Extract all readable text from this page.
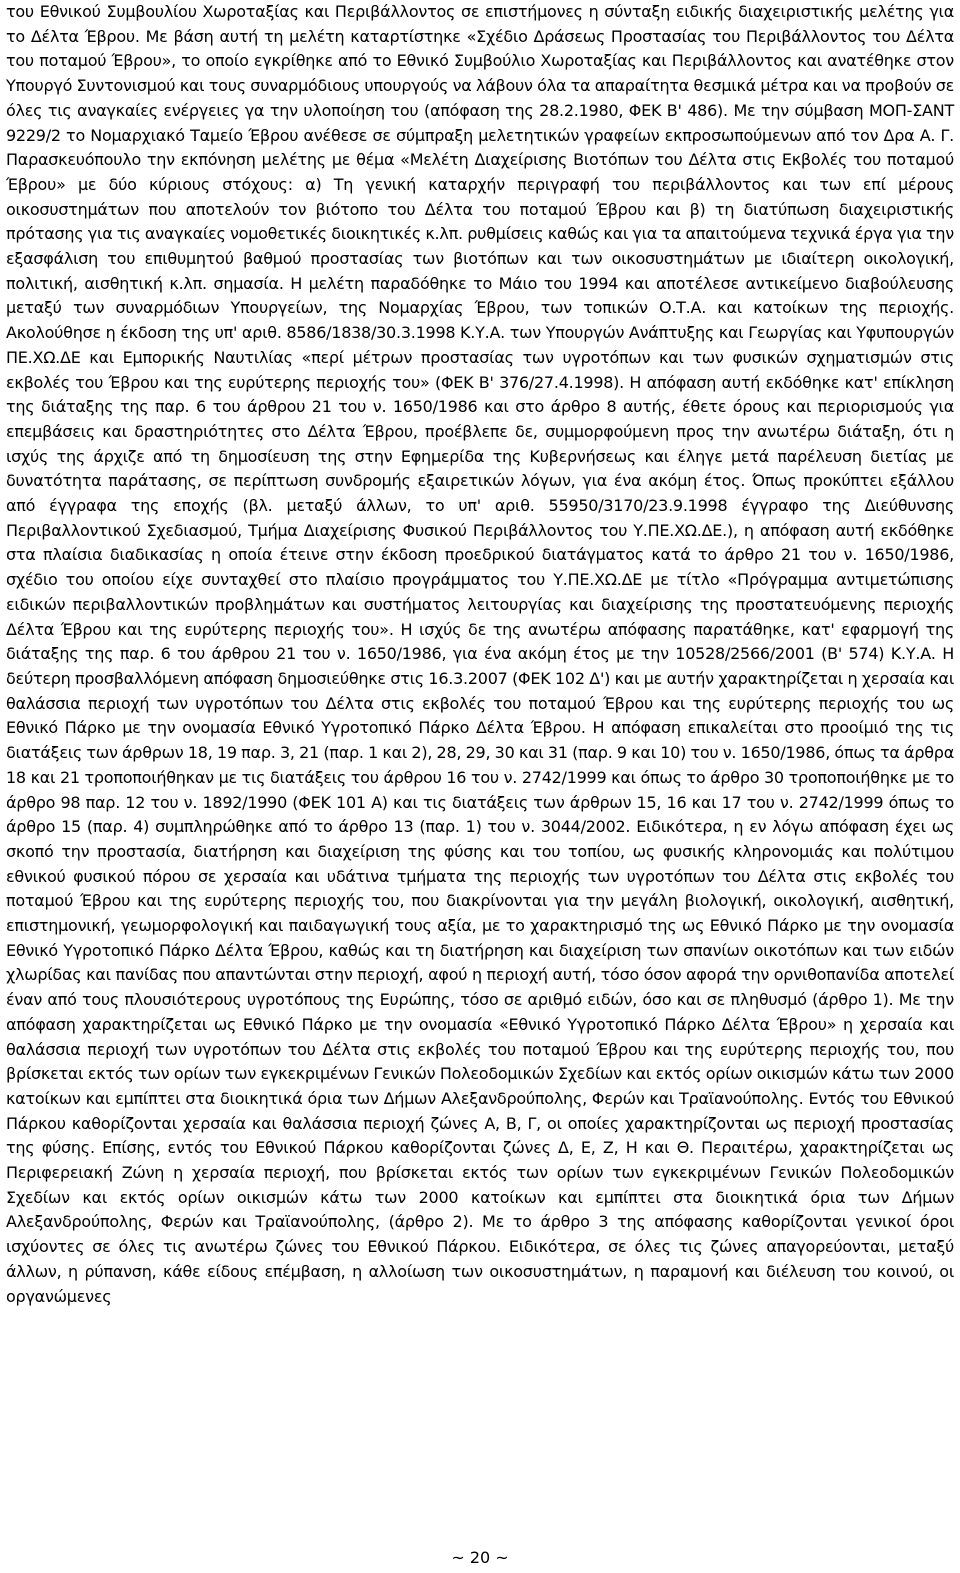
του Εθνικού Συμβουλίου Χωροταξίας και Περιβάλλοντος σε επιστήμονες η σύνταξη ειδικής διαχειριστικής μελέτης για το Δέλτα Έβρου. Με βάση αυτή τη μελέτη καταρτίστηκε «Σχέδιο Δράσεως Προστασίας του Περιβάλλοντος του Δέλτα του ποταμού Έβρου», το οποίο εγκρίθηκε από το Εθνικό Συμβούλιο Χωροταξίας και Περιβάλλοντος και ανατέθηκε στον Υπουργό Συντονισμού και τους συναρμόδιους υπουργούς να λάβουν όλα τα απαραίτητα θεσμικά μέτρα και να προβούν σε όλες τις αναγκαίες ενέργειες γα την υλοποίηση του (απόφαση της 28.2.1980, ΦΕΚ Β' 486). Με την σύμβαση ΜΟΠ-ΣΑΝΤ 9229/2 το Νομαρχιακό Ταμείο Έβρου ανέθεσε σε σύμπραξη μελετητικών γραφείων εκπροσωπούμενων από τον Δρα Α. Γ. Παρασκευόπουλο την εκπόνηση μελέτης με θέμα «Μελέτη Διαχείρισης Βιοτόπων του Δέλτα στις Εκβολές του ποταμού Έβρου» με δύο κύριους στόχους: α) Τη γενική καταρχήν περιγραφή του περιβάλλοντος και των επί μέρους οικοσυστημάτων που αποτελούν τον βιότοπο του Δέλτα του ποταμού Έβρου και β) τη διατύπωση διαχειριστικής πρότασης για τις αναγκαίες νομοθετικές διοικητικές κ.λπ. ρυθμίσεις καθώς και για τα απαιτούμενα τεχνικά έργα για την εξασφάλιση του επιθυμητού βαθμού προστασίας των βιοτόπων και των οικοσυστημάτων με ιδιαίτερη οικολογική, πολιτική, αισθητική κ.λπ. σημασία. Η μελέτη παραδόθηκε το Μάιο του 1994 και αποτέλεσε αντικείμενο διαβούλευσης μεταξύ των συναρμόδιων Υπουργείων, της Νομαρχίας Έβρου, των τοπικών Ο.Τ.Α. και κατοίκων της περιοχής. Ακολούθησε η έκδοση της υπ' αριθ. 8586/1838/30.3.1998 Κ.Υ.Α. των Υπουργών Ανάπτυξης και Γεωργίας και Υφυπουργών ΠΕ.ΧΩ.ΔΕ και Εμπορικής Ναυτιλίας «περί μέτρων προστασίας των υγροτόπων και των φυσικών σχηματισμών στις εκβολές του Έβρου και της ευρύτερης περιοχής του» (ΦΕΚ Β' 376/27.4.1998). Η απόφαση αυτή εκδόθηκε κατ' επίκληση της διάταξης της παρ. 6 του άρθρου 21 του ν. 1650/1986 και στο άρθρο 8 αυτής, έθετε όρους και περιορισμούς για επεμβάσεις και δραστηριότητες στο Δέλτα Έβρου, προέβλεπε δε, συμμορφούμενη προς την ανωτέρω διάταξη, ότι η ισχύς της άρχιζε από τη δημοσίευση της στην Εφημερίδα της Κυβερνήσεως και έληγε μετά παρέλευση διετίας με δυνατότητα παράτασης, σε περίπτωση συνδρομής εξαιρετικών λόγων, για ένα ακόμη έτος. Όπως προκύπτει εξάλλου από έγγραφα της εποχής (βλ. μεταξύ άλλων, το υπ' αριθ. 55950/3170/23.9.1998 έγγραφο της Διεύθυνσης Περιβαλλοντικού Σχεδιασμού, Τμήμα Διαχείρισης Φυσικού Περιβάλλοντος του Υ.ΠΕ.ΧΩ.ΔΕ.), η απόφαση αυτή εκδόθηκε στα πλαίσια διαδικασίας η οποία έτεινε στην έκδοση προεδρικού διατάγματος κατά το άρθρο 21 του ν. 1650/1986, σχέδιο του οποίου είχε συνταχθεί στο πλαίσιο προγράμματος του Υ.ΠΕ.ΧΩ.ΔΕ με τίτλο «Πρόγραμμα αντιμετώπισης ειδικών περιβαλλοντικών προβλημάτων και συστήματος λειτουργίας και διαχείρισης της προστατευόμενης περιοχής Δέλτα Έβρου και της ευρύτερης περιοχής του». Η ισχύς δε της ανωτέρω απόφασης παρατάθηκε, κατ' εφαρμογή της διάταξης της παρ. 6 του άρθρου 21 του ν. 1650/1986, για ένα ακόμη έτος με την 10528/2566/2001 (Β' 574) Κ.Υ.Α. Η δεύτερη προσβαλλόμενη απόφαση δημοσιεύθηκε στις 16.3.2007 (ΦΕΚ 102 Δ') και με αυτήν χαρακτηρίζεται η χερσαία και θαλάσσια περιοχή των υγροτόπων του Δέλτα στις εκβολές του ποταμού Έβρου και της ευρύτερης περιοχής του ως Εθνικό Πάρκο με την ονομασία Εθνικό Υγροτοπικό Πάρκο Δέλτα Έβρου. Η απόφαση επικαλείται στο προοίμιό της τις διατάξεις των άρθρων 18, 19 παρ. 3, 21 (παρ. 1 και 2), 28, 29, 30 και 31 (παρ. 9 και 10) του ν. 1650/1986, όπως τα άρθρα 18 και 21 τροποποιήθηκαν με τις διατάξεις του άρθρου 16 του ν. 2742/1999 και όπως το άρθρο 30 τροποποιήθηκε με το άρθρο 98 παρ. 12 του ν. 1892/1990 (ΦΕΚ 101 Α) και τις διατάξεις των άρθρων 15, 16 και 17 του ν. 2742/1999 όπως το άρθρο 15 (παρ. 4) συμπληρώθηκε από το άρθρο 13 (παρ. 1) του ν. 3044/2002. Ειδικότερα, η εν λόγω απόφαση έχει ως σκοπό την προστασία, διατήρηση και διαχείριση της φύσης και του τοπίου, ως φυσικής κληρονομιάς και πολύτιμου εθνικού φυσικού πόρου σε χερσαία και υδάτινα τμήματα της περιοχής των υγροτόπων του Δέλτα στις εκβολές του ποταμού Έβρου και της ευρύτερης περιοχής του, που διακρίνονται για την μεγάλη βιολογική, οικολογική, αισθητική, επιστημονική, γεωμορφολογική και παιδαγωγική τους αξία, με το χαρακτηρισμό της ως Εθνικό Πάρκο με την ονομασία Εθνικό Υγροτοπικό Πάρκο Δέλτα Έβρου, καθώς και τη διατήρηση και διαχείριση των σπανίων οικοτόπων και των ειδών χλωρίδας και πανίδας που απαντώνται στην περιοχή, αφού η περιοχή αυτή, τόσο όσον αφορά την ορνιθοπανίδα αποτελεί έναν από τους πλουσιότερους υγροτόπους της Ευρώπης, τόσο σε αριθμό ειδών, όσο και σε πληθυσμό (άρθρο 1). Με την απόφαση χαρακτηρίζεται ως Εθνικό Πάρκο με την ονομασία «Εθνικό Υγροτοπικό Πάρκο Δέλτα Έβρου» η χερσαία και θαλάσσια περιοχή των υγροτόπων του Δέλτα στις εκβολές του ποταμού Έβρου και της ευρύτερης περιοχής του, που βρίσκεται εκτός των ορίων των εγκεκριμένων Γενικών Πολεοδομικών Σχεδίων και εκτός ορίων οικισμών κάτω των 2000 κατοίκων και εμπίπτει στα διοικητικά όρια των Δήμων Αλεξανδρούπολης, Φερών και Τραϊανούπολης. Εντός του Εθνικού Πάρκου καθορίζονται χερσαία και θαλάσσια περιοχή ζώνες Α, Β, Γ, οι οποίες χαρακτηρίζονται ως περιοχή προστασίας της φύσης. Επίσης, εντός του Εθνικού Πάρκου καθορίζονται ζώνες Δ, Ε, Ζ, Η και Θ. Περαιτέρω, χαρακτηρίζεται ως Περιφερειακή Ζώνη η χερσαία περιοχή, που βρίσκεται εκτός των ορίων των εγκεκριμένων Γενικών Πολεοδομικών Σχεδίων και εκτός ορίων οικισμών κάτω των 2000 κατοίκων και εμπίπτει στα διοικητικά όρια των Δήμων Αλεξανδρούπολης, Φερών και Τραϊανούπολης, (άρθρο 2). Με το άρθρο 3 της απόφασης καθορίζονται γενικοί όροι ισχύοντες σε όλες τις ανωτέρω ζώνες του Εθνικού Πάρκου. Ειδικότερα, σε όλες τις ζώνες απαγορεύονται, μεταξύ άλλων, η ρύπανση, κάθε είδους επέμβαση, η αλλοίωση των οικοσυστημάτων, η παραμονή και διέλευση του κοινού, οι οργανώμενες

~ 20 ~
